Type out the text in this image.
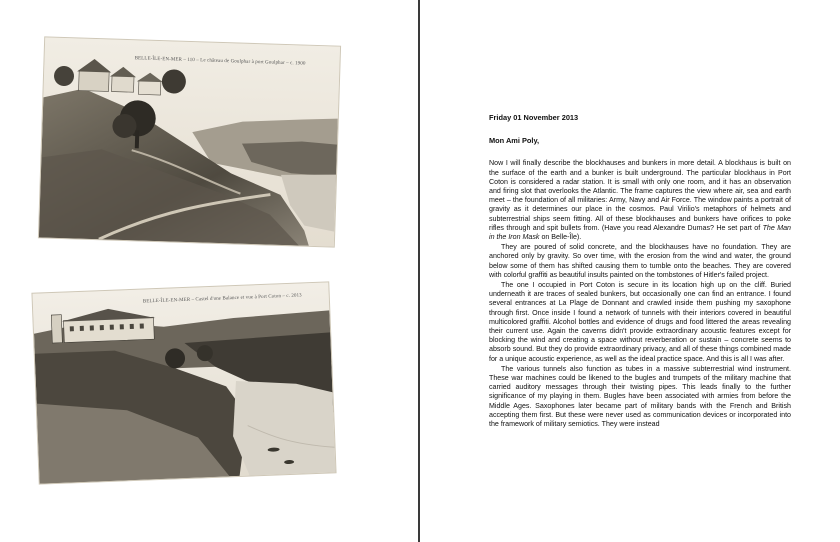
BELLE-ÎLE-EN-MER – 110 – Le château de Goulphar à port Goulphar – c. 1900
BELLE-ÎLE-EN-MER – Castel d'une Balance et vue à Port Coton – c. 2013
Friday 01 November 2013
Mon Ami Poly,

Now I will finally describe the blockhauses and bunkers in more detail. A blockhaus is built on the surface of the earth and a bunker is built underground. The particular blockhaus in Port Coton is considered a radar station. It is small with only one room, and it has an observation and firing slot that overlooks the Atlantic. The frame captures the view where air, sea and earth meet – the foundation of all militaries: Army, Navy and Air Force. The window paints a portrait of gravity as it determines our place in the cosmos. Paul Virilio's metaphors of helmets and subterrestrial ships seem fitting. All of these blockhauses and bunkers have orifices to poke rifles through and spit bullets from. (Have you read Alexandre Dumas? He set part of The Man in the Iron Mask on Belle-Île).

They are poured of solid concrete, and the blockhauses have no foundation. They are anchored only by gravity. So over time, with the erosion from the wind and water, the ground below some of them has shifted causing them to tumble onto the beaches. They are covered with colorful graffiti as beautiful insults painted on the tombstones of Hitler's failed project.

The one I occupied in Port Coton is secure in its location high up on the cliff. Buried underneath it are traces of sealed bunkers, but occasionally one can find an entrance. I found several entrances at La Plage de Donnant and crawled inside them pushing my saxophone through first. Once inside I found a network of tunnels with their interiors covered in beautiful multicolored graffiti. Alcohol bottles and evidence of drugs and food littered the areas revealing their current use. Again the caverns didn't provide extraordinary acoustic features except for blocking the wind and creating a space without reverberation or sustain – concrete seems to absorb sound. But they do provide extraordinary privacy, and all of these things combined made for a unique acoustic experience, as well as the ideal practice space. And this is all I was after.

The various tunnels also function as tubes in a massive subterrestrial wind instrument. These war machines could be likened to the bugles and trumpets of the military machine that carried auditory messages through their twisting pipes. This leads finally to the further significance of my playing in them. Bugles have been associated with armies from before the Middle Ages. Saxophones later became part of military bands with the French and British accepting them first. But these were never used as communication devices or incorporated into the framework of military semiotics. They were instead
